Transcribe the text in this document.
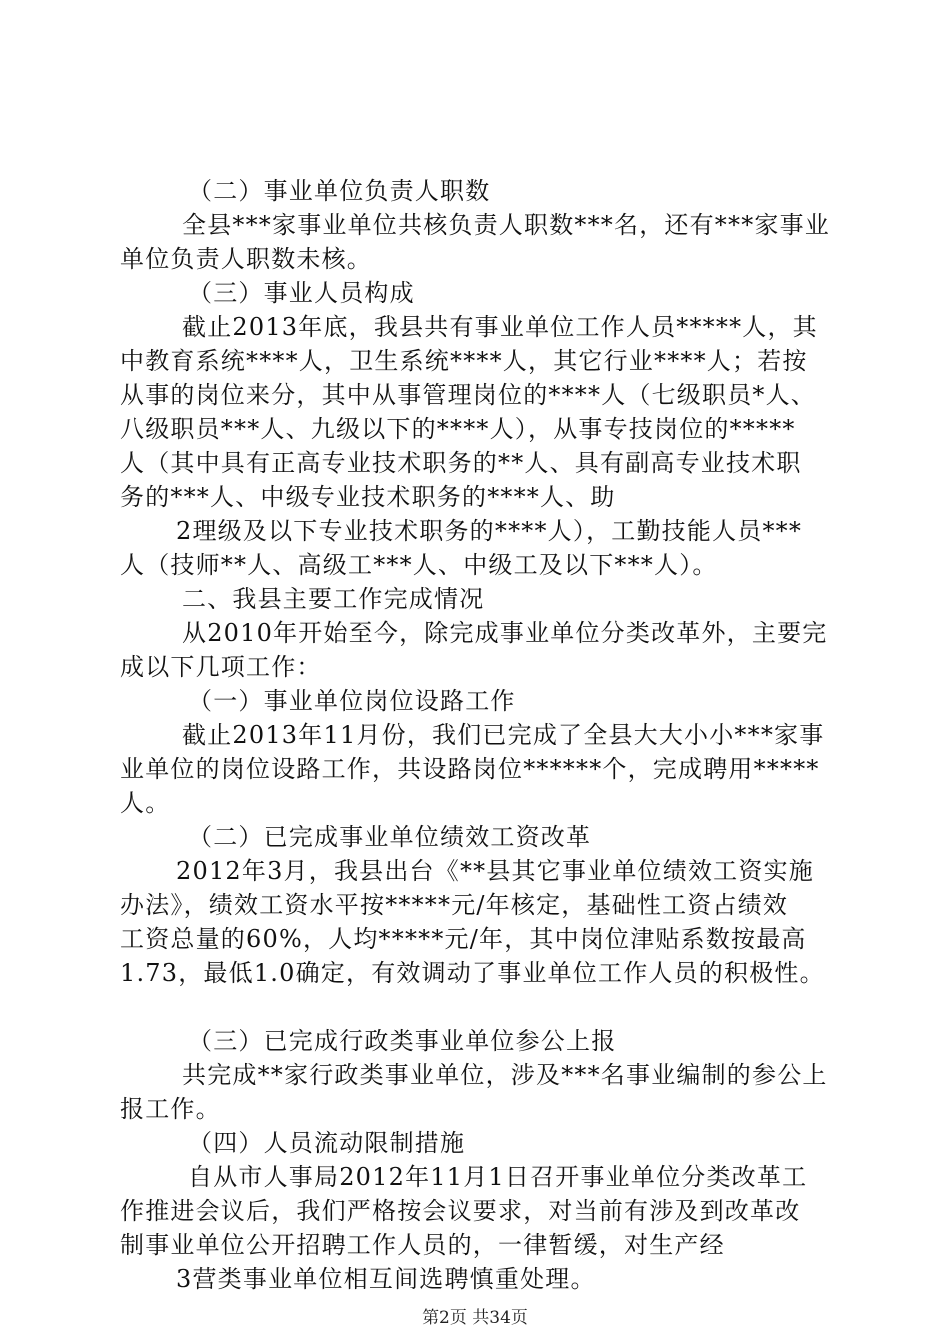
（二）事业单位负责人职数
全县***家事业单位共核负责人职数***名，还有***家事业
单位负责人职数未核。
（三）事业人员构成
截止2013年底，我县共有事业单位工作人员*****人，其
中教育系统****人，卫生系统****人，其它行业****人；若按
从事的岗位来分，其中从事管理岗位的****人（七级职员*人、
八级职员***人、九级以下的****人），从事专技岗位的*****
人（其中具有正高专业技术职务的**人、具有副高专业技术职
务的***人、中级专业技术职务的****人、助
2理级及以下专业技术职务的****人），工勤技能人员***
人（技师**人、高级工***人、中级工及以下***人）。
二、我县主要工作完成情况
从2010年开始至今，除完成事业单位分类改革外，主要完
成以下几项工作：
（一）事业单位岗位设路工作
截止2013年11月份，我们已完成了全县大大小小***家事
业单位的岗位设路工作，共设路岗位******个，完成聘用*****
人。
（二）已完成事业单位绩效工资改革
2012年3月，我县出台《**县其它事业单位绩效工资实施
办法》，绩效工资水平按*****元/年核定，基础性工资占绩效
工资总量的60%，人均*****元/年，其中岗位津贴系数按最高
1.73，最低1.0确定，有效调动了事业单位工作人员的积极性。
（三）已完成行政类事业单位参公上报
共完成**家行政类事业单位，涉及***名事业编制的参公上
报工作。
（四）人员流动限制措施
自从市人事局2012年11月1日召开事业单位分类改革工
作推进会议后，我们严格按会议要求，对当前有涉及到改革改
制事业单位公开招聘工作人员的，一律暂缓，对生产经
3营类事业单位相互间选聘慎重处理。
第2页 共34页
